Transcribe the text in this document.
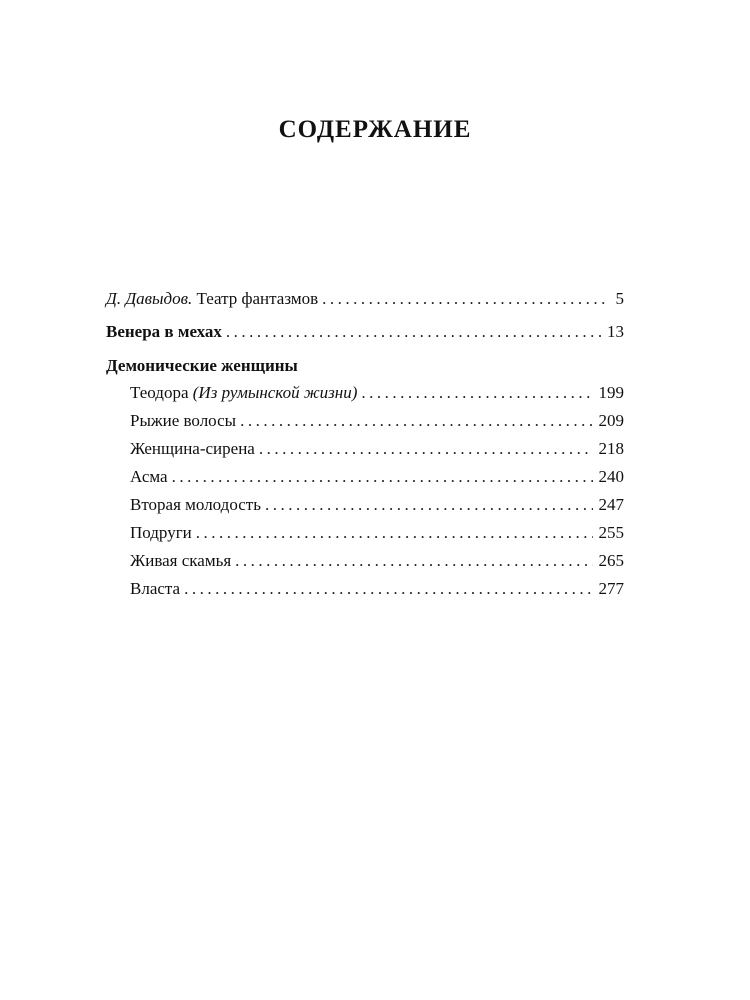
СОДЕРЖАНИЕ
Д. Давыдов. Театр фантазмов .....	5
Венера в мехах .....	13
Демонические женщины
Теодора (Из румынской жизни) .....	199
Рыжие волосы .....	209
Женщина-сирена .....	218
Асма .....	240
Вторая молодость .....	247
Подруги .....	255
Живая скамья .....	265
Власта .....	277
